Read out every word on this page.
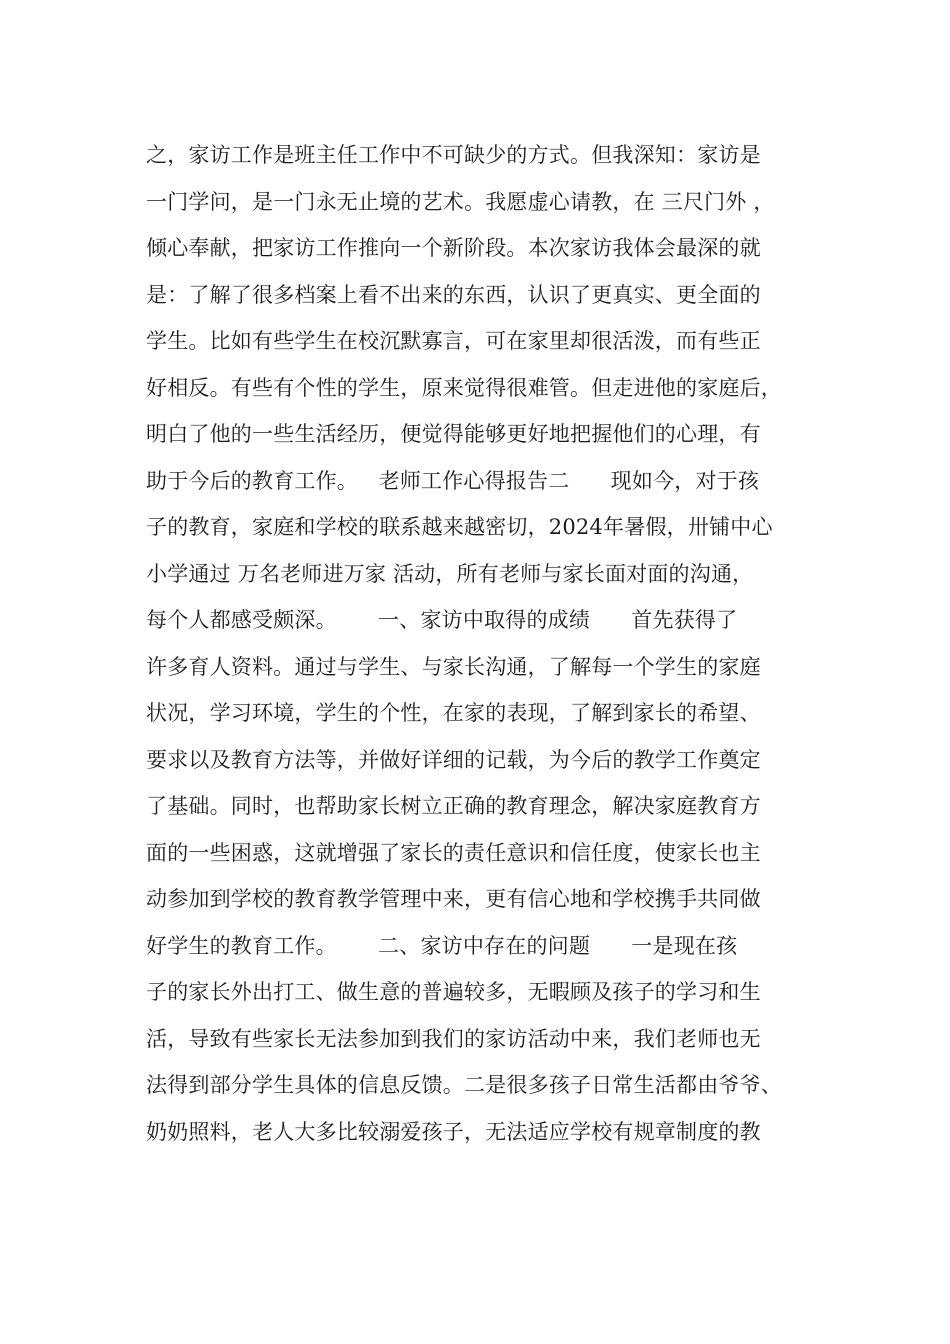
之，家访工作是班主任工作中不可缺少的方式。但我深知：家访是
一门学问，是一门永无止境的艺术。我愿虚心请教，在 三尺门外 ，
倾心奉献，把家访工作推向一个新阶段。本次家访我体会最深的就
是：了解了很多档案上看不出来的东西，认识了更真实、更全面的
学生。比如有些学生在校沉默寡言，可在家里却很活泼，而有些正
好相反。有些有个性的学生，原来觉得很难管。但走进他的家庭后，
明白了他的一些生活经历，便觉得能够更好地把握他们的心理，有
助于今后的教育工作。   老师工作心得报告二      现如今，对于孩
子的教育，家庭和学校的联系越来越密切，2024年暑假，卅铺中心
小学通过 万名老师进万家 活动，所有老师与家长面对面的沟通，
每个人都感受颇深。      一、家访中取得的成绩      首先获得了
许多育人资料。通过与学生、与家长沟通，了解每一个学生的家庭
状况，学习环境，学生的个性，在家的表现，了解到家长的希望、
要求以及教育方法等，并做好详细的记载，为今后的教学工作奠定
了基础。同时，也帮助家长树立正确的教育理念，解决家庭教育方
面的一些困惑，这就增强了家长的责任意识和信任度，使家长也主
动参加到学校的教育教学管理中来，更有信心地和学校携手共同做
好学生的教育工作。      二、家访中存在的问题      一是现在孩
子的家长外出打工、做生意的普遍较多，无暇顾及孩子的学习和生
活，导致有些家长无法参加到我们的家访活动中来，我们老师也无
法得到部分学生具体的信息反馈。二是很多孩子日常生活都由爷爷、
奶奶照料，老人大多比较溺爱孩子，无法适应学校有规章制度的教
